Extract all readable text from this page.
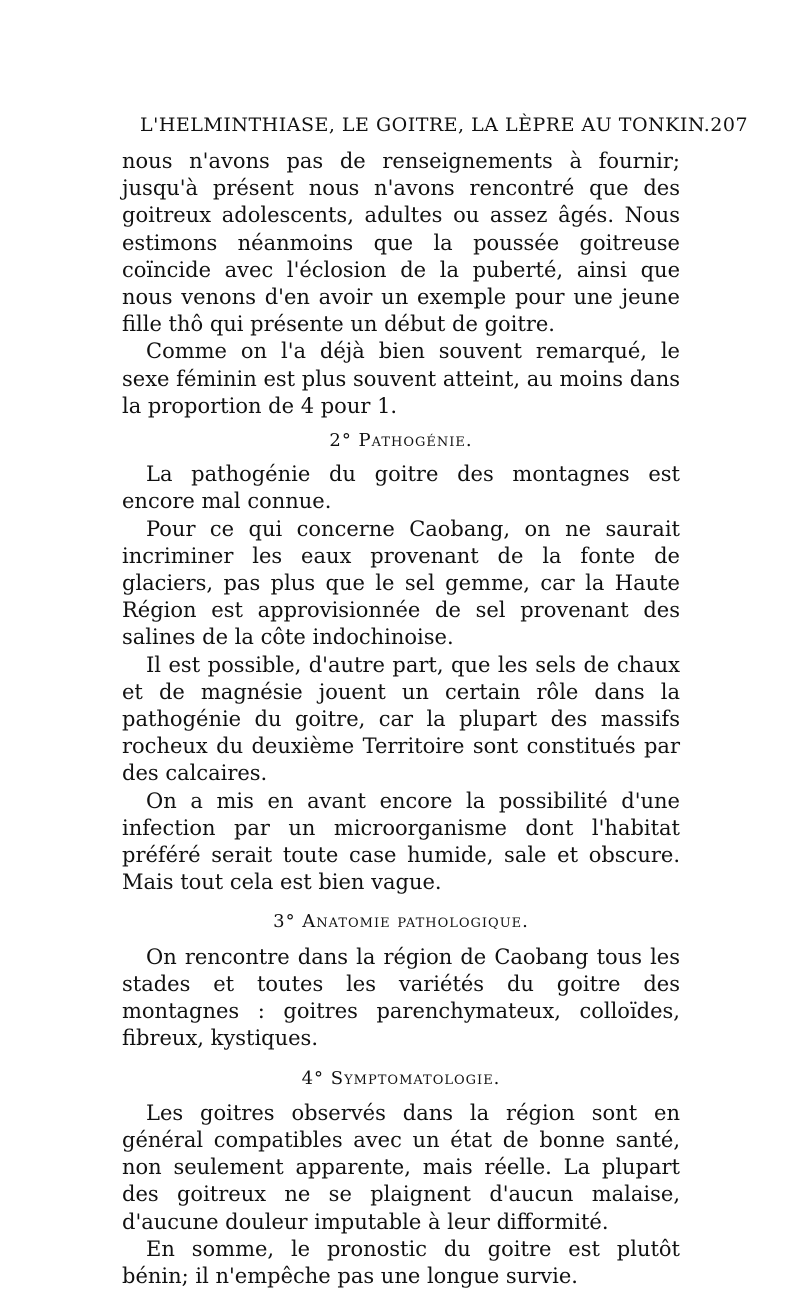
L'HELMINTHIASE, LE GOITRE, LA LÈPRE AU TONKIN. 207

nous n'avons pas de renseignements à fournir; jusqu'à présent nous n'avons rencontré que des goitreux adolescents, adultes ou assez âgés. Nous estimons néanmoins que la poussée goitreuse coïncide avec l'éclosion de la puberté, ainsi que nous venons d'en avoir un exemple pour une jeune fille thô qui présente un début de goitre.

Comme on l'a déjà bien souvent remarqué, le sexe féminin est plus souvent atteint, au moins dans la proportion de 4 pour 1.

2° Pathogénie.

La pathogénie du goitre des montagnes est encore mal connue.

Pour ce qui concerne Caobang, on ne saurait incriminer les eaux provenant de la fonte de glaciers, pas plus que le sel gemme, car la Haute Région est approvisionnée de sel provenant des salines de la côte indochinoise.

Il est possible, d'autre part, que les sels de chaux et de magnésie jouent un certain rôle dans la pathogénie du goitre, car la plupart des massifs rocheux du deuxième Territoire sont constitués par des calcaires.

On a mis en avant encore la possibilité d'une infection par un microorganisme dont l'habitat préféré serait toute case humide, sale et obscure. Mais tout cela est bien vague.

3° Anatomie pathologique.

On rencontre dans la région de Caobang tous les stades et toutes les variétés du goitre des montagnes : goitres parenchymateux, colloïdes, fibreux, kystiques.

4° Symptomatologie.

Les goitres observés dans la région sont en général compatibles avec un état de bonne santé, non seulement apparente, mais réelle. La plupart des goitreux ne se plaignent d'aucun malaise, d'aucune douleur imputable à leur difformité.

En somme, le pronostic du goitre est plutôt bénin; il n'empêche pas une longue survie.
